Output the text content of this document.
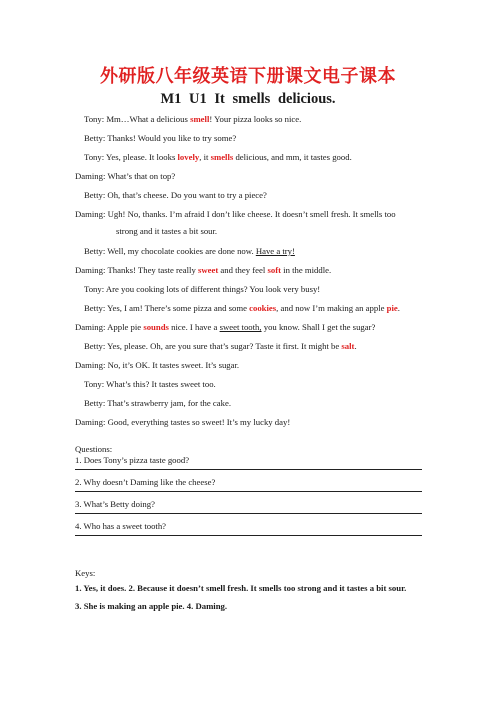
外研版八年级英语下册课文电子课本
M1 U1 It smells delicious.
Tony: Mm…What a delicious smell! Your pizza looks so nice.
Betty: Thanks! Would you like to try some?
Tony: Yes, please. It looks lovely, it smells delicious, and mm, it tastes good.
Daming: What’s that on top?
Betty: Oh, that’s cheese. Do you want to try a piece?
Daming: Ugh! No, thanks. I’m afraid I don’t like cheese. It doesn’t smell fresh. It smells too
strong and it tastes a bit sour.
Betty: Well, my chocolate cookies are done now. Have a try!
Daming: Thanks! They taste really sweet and they feel soft in the middle.
Tony: Are you cooking lots of different things? You look very busy!
Betty: Yes, I am! There’s some pizza and some cookies, and now I’m making an apple pie.
Daming: Apple pie sounds nice. I have a sweet tooth, you know. Shall I get the sugar?
Betty: Yes, please. Oh, are you sure that’s sugar? Taste it first. It might be salt.
Daming: No, it’s OK. It tastes sweet. It’s sugar.
Tony: What’s this? It tastes sweet too.
Betty: That’s strawberry jam, for the cake.
Daming: Good, everything tastes so sweet! It’s my lucky day!
Questions:
1. Does Tony’s pizza taste good?
2. Why doesn’t Daming like the cheese?
3. What’s Betty doing?
4. Who has a sweet tooth?
Keys:
1. Yes, it does. 2. Because it doesn’t smell fresh. It smells too strong and it tastes a bit sour.
3. She is making an apple pie. 4. Daming.
